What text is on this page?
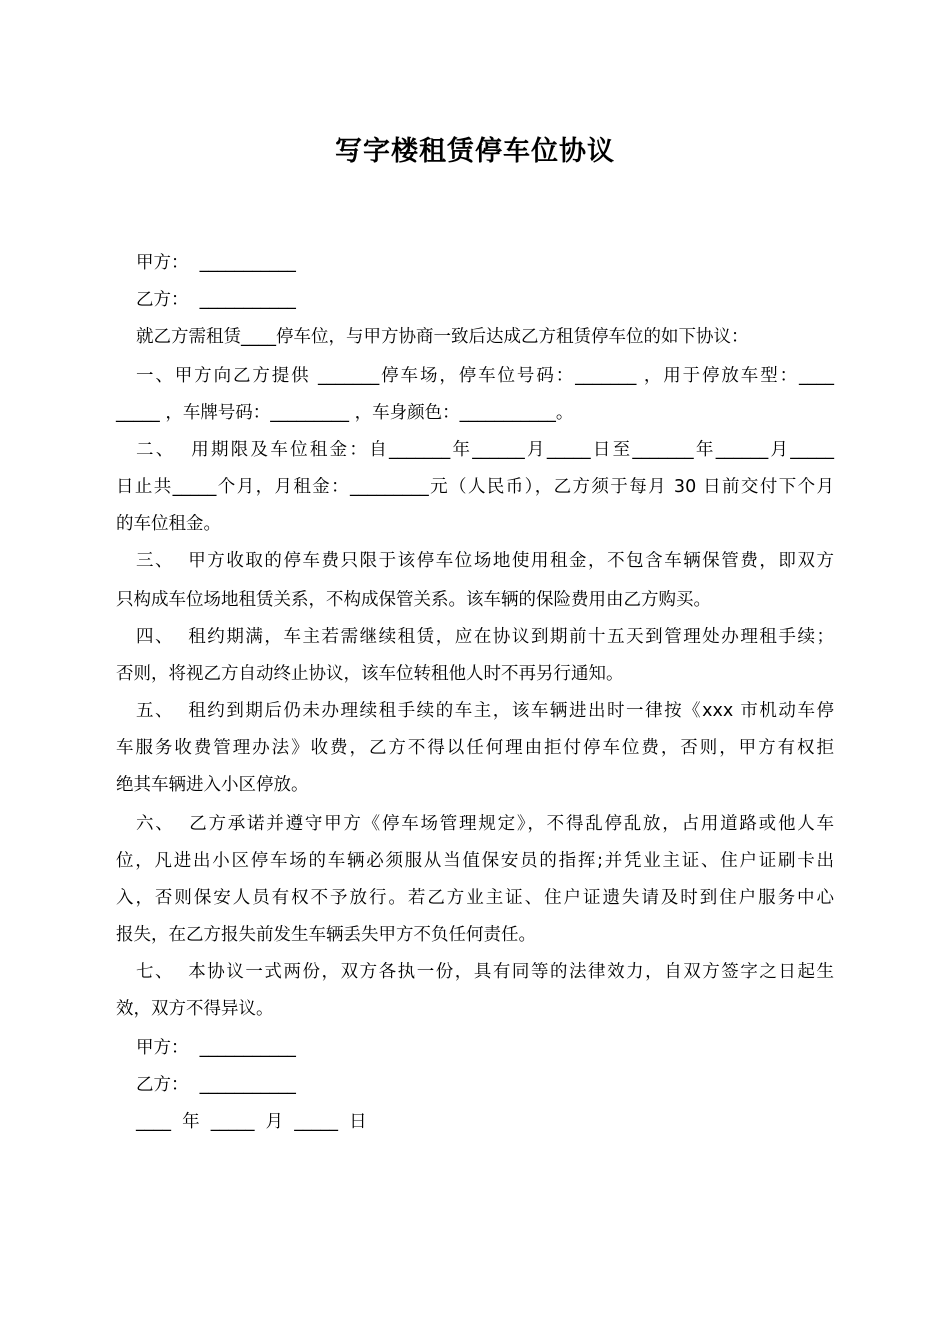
写字楼租赁停车位协议
甲方：  ___________
乙方：  ___________
就乙方需租赁____停车位，与甲方协商一致后达成乙方租赁停车位的如下协议：
一、甲方向乙方提供 _______停车场，停车位号码：_______ ，用于停放车型：____
_____ ，车牌号码：_________ ，车身颜色：___________。
二、  用期限及车位租金：自_______年______月_____日至_______年______月_____
日止共_____个月，月租金：_________元（人民币），乙方须于每月 30 日前交付下个月
的车位租金。
三、  甲方收取的停车费只限于该停车位场地使用租金，不包含车辆保管费，即双方
只构成车位场地租赁关系，不构成保管关系。该车辆的保险费用由乙方购买。
四、  租约期满，车主若需继续租赁，应在协议到期前十五天到管理处办理租手续；
否则，将视乙方自动终止协议，该车位转租他人时不再另行通知。
五、  租约到期后仍未办理续租手续的车主，该车辆进出时一律按《xxx 市机动车停
车服务收费管理办法》收费，乙方不得以任何理由拒付停车位费，否则，甲方有权拒
绝其车辆进入小区停放。
六、  乙方承诺并遵守甲方《停车场管理规定》，不得乱停乱放，占用道路或他人车
位，凡进出小区停车场的车辆必须服从当值保安员的指挥;并凭业主证、住户证刷卡出
入，否则保安人员有权不予放行。若乙方业主证、住户证遗失请及时到住户服务中心
报失，在乙方报失前发生车辆丢失甲方不负任何责任。
七、  本协议一式两份，双方各执一份，具有同等的法律效力，自双方签字之日起生
效，双方不得异议。
甲方：  ___________
乙方：  ___________
____  年  _____  月  _____  日
